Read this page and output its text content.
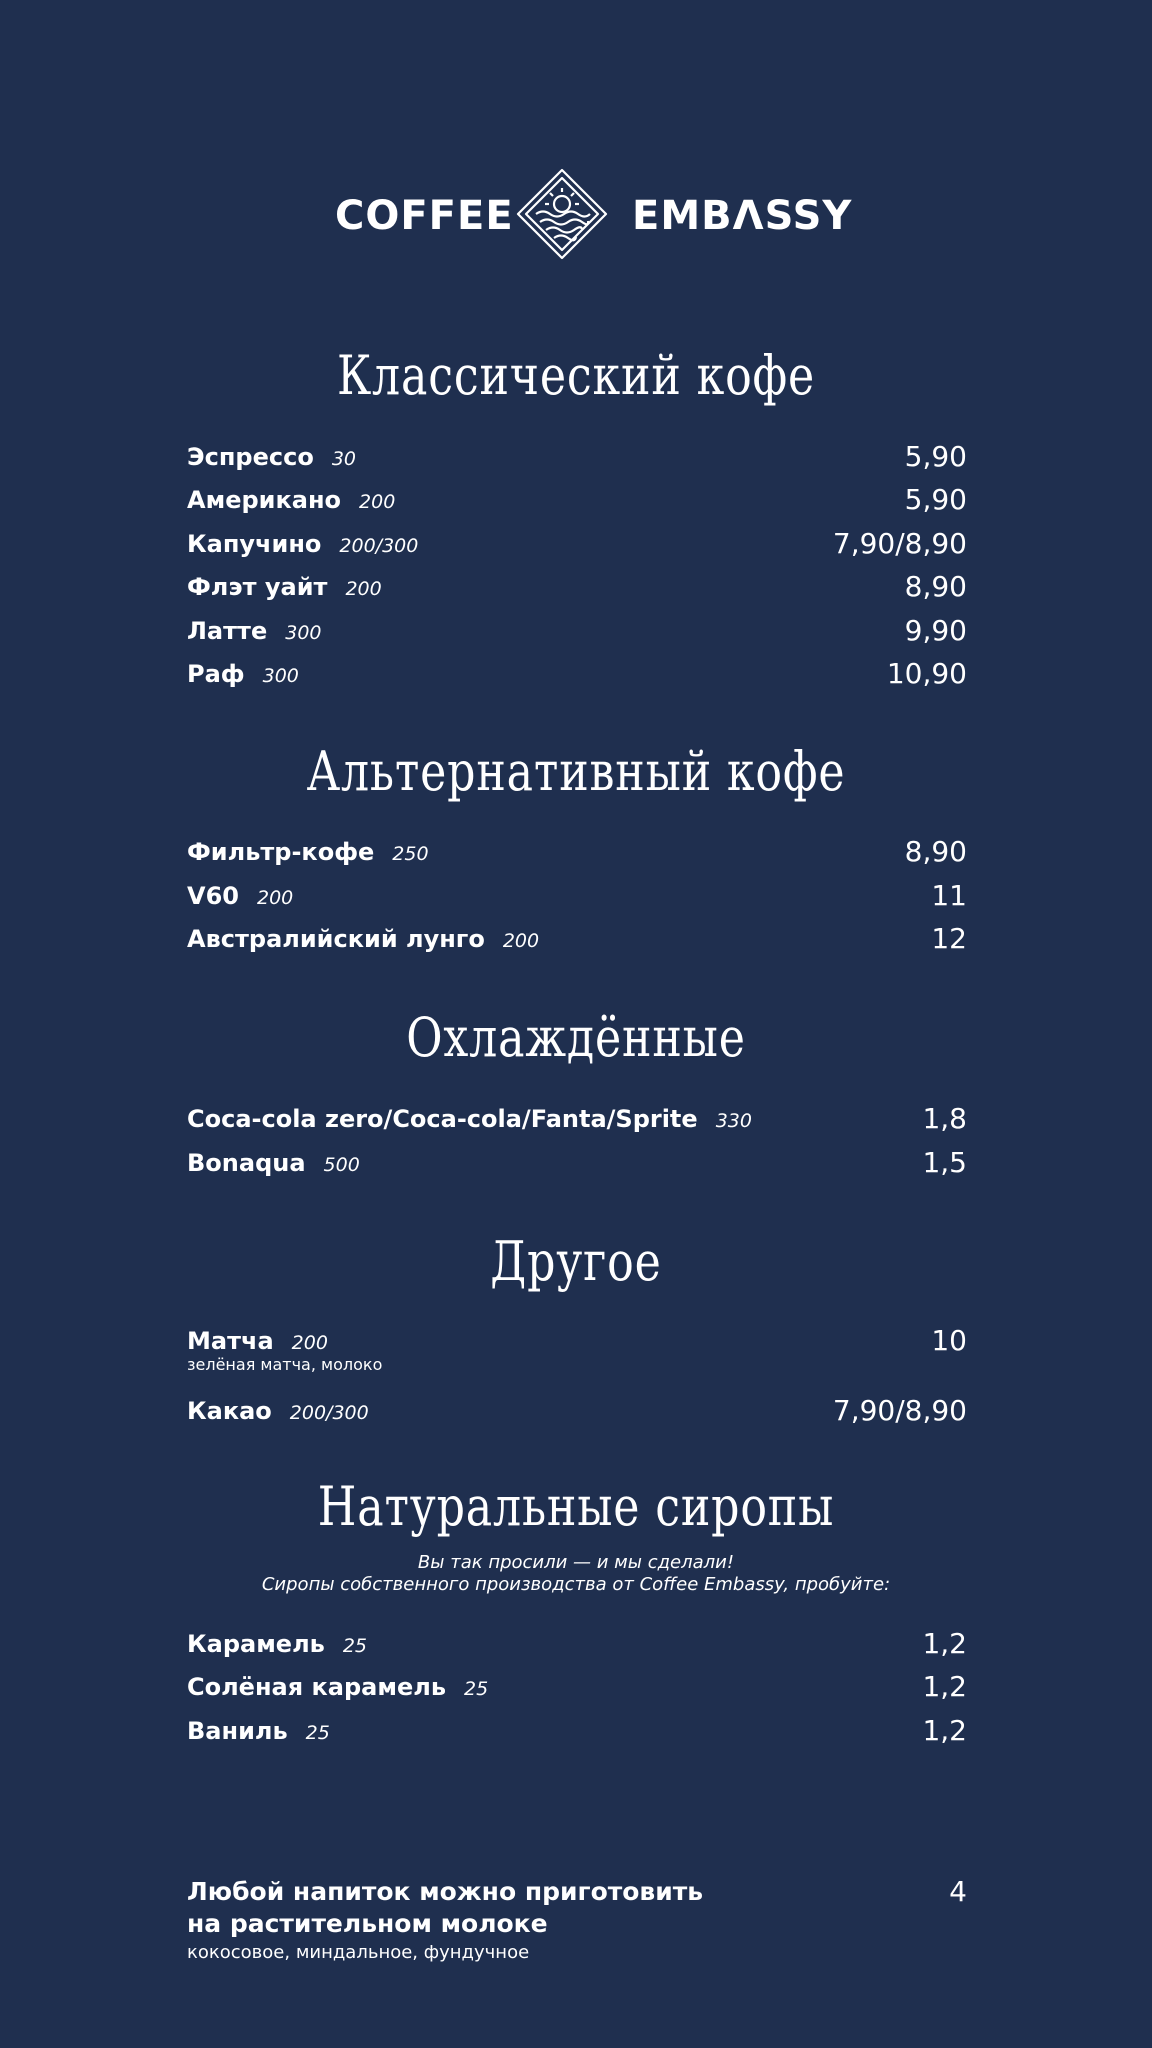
COFFEE	EMBΛSSY
Классический кофе
Эспрессо 30	5,90
Американо 200	5,90
Капучино 200/300	7,90/8,90
Флэт уайт 200	8,90
Латте 300	9,90
Раф 300	10,90
Альтернативный кофе
Фильтр-кофе 250	8,90
V60 200	11
Австралийский лунго 200	12
Охлаждённые
Coca-cola zero/Coca-cola/Fanta/Sprite 330	1,8
Bonaqua 500	1,5
Другое
Матча 200	10
зелёная матча, молоко
Какао 200/300	7,90/8,90
Натуральные сиропы
Вы так просили — и мы сделали!
Сиропы собственного производства от Coffee Embassy, пробуйте:
Карамель 25	1,2
Солёная карамель 25	1,2
Ваниль 25	1,2
Любой напиток можно приготовить
на растительном молоке
4
кокосовое, миндальное, фундучное
